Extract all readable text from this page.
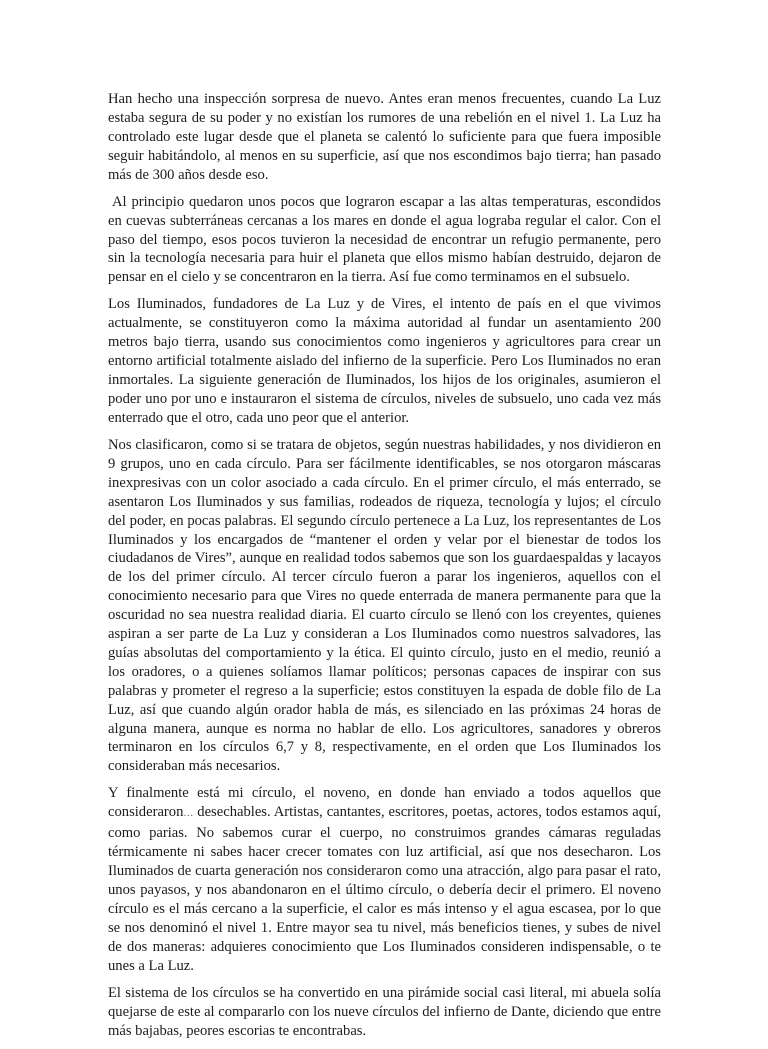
Han hecho una inspección sorpresa de nuevo. Antes eran menos frecuentes, cuando La Luz estaba segura de su poder y no existían los rumores de una rebelión en el nivel 1. La Luz ha controlado este lugar desde que el planeta se calentó lo suficiente para que fuera imposible seguir habitándolo, al menos en su superficie, así que nos escondimos bajo tierra; han pasado más de 300 años desde eso.

Al principio quedaron unos pocos que lograron escapar a las altas temperaturas, escondidos en cuevas subterráneas cercanas a los mares en donde el agua lograba regular el calor. Con el paso del tiempo, esos pocos tuvieron la necesidad de encontrar un refugio permanente, pero sin la tecnología necesaria para huir el planeta que ellos mismo habían destruido, dejaron de pensar en el cielo y se concentraron en la tierra. Así fue como terminamos en el subsuelo.

Los Iluminados, fundadores de La Luz y de Vires, el intento de país en el que vivimos actualmente, se constituyeron como la máxima autoridad al fundar un asentamiento 200 metros bajo tierra, usando sus conocimientos como ingenieros y agricultores para crear un entorno artificial totalmente aislado del infierno de la superficie. Pero Los Iluminados no eran inmortales. La siguiente generación de Iluminados, los hijos de los originales, asumieron el poder uno por uno e instauraron el sistema de círculos, niveles de subsuelo, uno cada vez más enterrado que el otro, cada uno peor que el anterior.

Nos clasificaron, como si se tratara de objetos, según nuestras habilidades, y nos dividieron en 9 grupos, uno en cada círculo. Para ser fácilmente identificables, se nos otorgaron máscaras inexpresivas con un color asociado a cada círculo. En el primer círculo, el más enterrado, se asentaron Los Iluminados y sus familias, rodeados de riqueza, tecnología y lujos; el círculo del poder, en pocas palabras. El segundo círculo pertenece a La Luz, los representantes de Los Iluminados y los encargados de “mantener el orden y velar por el bienestar de todos los ciudadanos de Vires”, aunque en realidad todos sabemos que son los guardaespaldas y lacayos de los del primer círculo. Al tercer círculo fueron a parar los ingenieros, aquellos con el conocimiento necesario para que Vires no quede enterrada de manera permanente para que la oscuridad no sea nuestra realidad diaria. El cuarto círculo se llenó con los creyentes, quienes aspiran a ser parte de La Luz y consideran a Los Iluminados como nuestros salvadores, las guías absolutas del comportamiento y la ética. El quinto círculo, justo en el medio, reunió a los oradores, o a quienes solíamos llamar políticos; personas capaces de inspirar con sus palabras y prometer el regreso a la superficie; estos constituyen la espada de doble filo de La Luz, así que cuando algún orador habla de más, es silenciado en las próximas 24 horas de alguna manera, aunque es norma no hablar de ello. Los agricultores, sanadores y obreros terminaron en los círculos 6,7 y 8, respectivamente, en el orden que Los Iluminados los consideraban más necesarios.

Y finalmente está mi círculo, el noveno, en donde han enviado a todos aquellos que consideraron… desechables. Artistas, cantantes, escritores, poetas, actores, todos estamos aquí, como parias. No sabemos curar el cuerpo, no construimos grandes cámaras reguladas térmicamente ni sabes hacer crecer tomates con luz artificial, así que nos desecharon. Los Iluminados de cuarta generación nos consideraron como una atracción, algo para pasar el rato, unos payasos, y nos abandonaron en el último círculo, o debería decir el primero. El noveno círculo es el más cercano a la superficie, el calor es más intenso y el agua escasea, por lo que se nos denominó el nivel 1. Entre mayor sea tu nivel, más beneficios tienes, y subes de nivel de dos maneras: adquieres conocimiento que Los Iluminados consideren indispensable, o te unes a La Luz.

El sistema de los círculos se ha convertido en una pirámide social casi literal, mi abuela solía quejarse de este al compararlo con los nueve círculos del infierno de Dante, diciendo que entre más bajabas, peores escorias te encontrabas.
